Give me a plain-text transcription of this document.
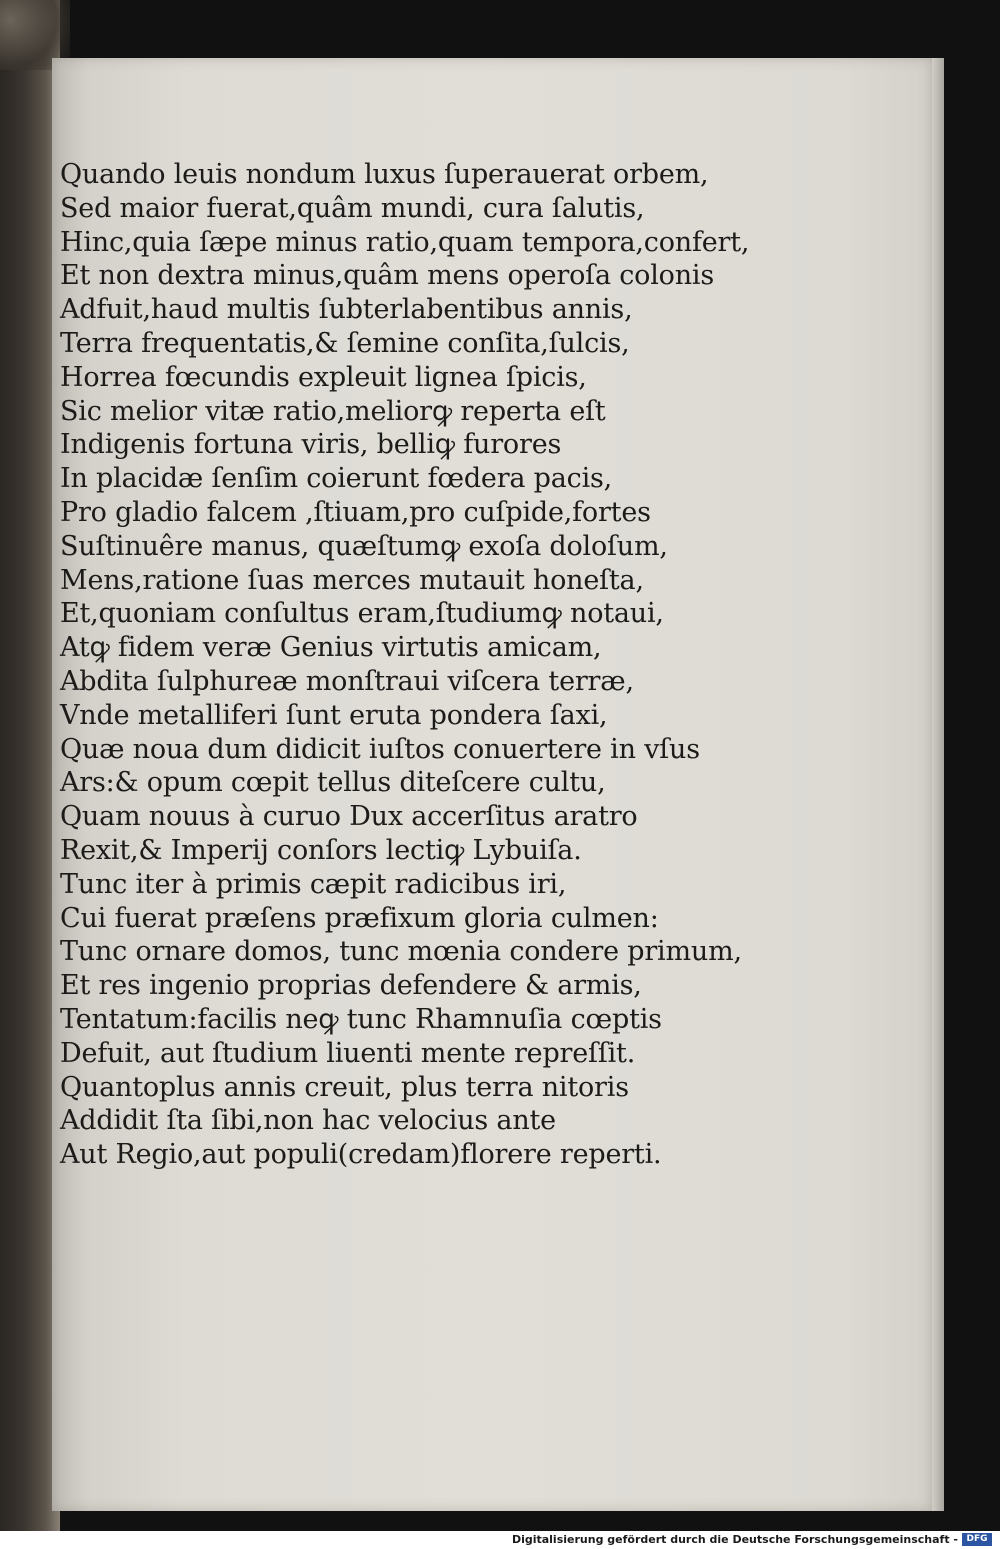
Quando leuis nondum luxus ſuperauerat orbem,
Sed maior fuerat,quâm mundi, cura ſalutis,
Hinc,quia ſæpe minus ratio,quam tempora,confert,
Et non dextra minus,quâm mens operoſa colonis
Adfuit,haud multis ſubterlabentibus annis,
Terra frequentatis,& ſemine conſita,ſulcis,
Horrea fœcundis expleuit lignea ſpicis,
Sic melior vitæ ratio,meliorꝙ reperta eſt
Indigenis fortuna viris, belliꝙ furores
In placidæ ſenſim coierunt fœdera pacis,
Pro gladio falcem ,ſtiuam,pro cuſpide,fortes
Suſtinuêre manus, quæſtumꝙ exoſa doloſum,
Mens,ratione ſuas merces mutauit honeſta,
Et,quoniam conſultus eram,ſtudiumꝙ notaui,
Atꝙ fidem veræ Genius virtutis amicam,
Abdita ſulphureæ monſtraui viſcera terræ,
Vnde metalliferi ſunt eruta pondera ſaxi,
Quæ noua dum didicit iuſtos conuertere in vſus
Ars:& opum cœpit tellus diteſcere cultu,
Quam nouus à curuo Dux accerſitus aratro
Rexit,& Imperij conſors lectiꝙ Lybuiſa.
Tunc iter à primis cæpit radicibus iri,
Cui fuerat præſens præfixum gloria culmen:
Tunc ornare domos, tunc mœnia condere primum,
Et res ingenio proprias defendere & armis,
Tentatum:facilis neꝙ tunc Rhamnuſia cœptis
Defuit, aut ſtudium liuenti mente repreſſit.
Quantoplus annis creuit, plus terra nitoris
Addidit ſta ſibi,non hac velocius ante
Aut Regio,aut populi(credam)florere reperti.
Digitalisierung gefördert durch die Deutsche Forschungsgemeinschaft - DFG
